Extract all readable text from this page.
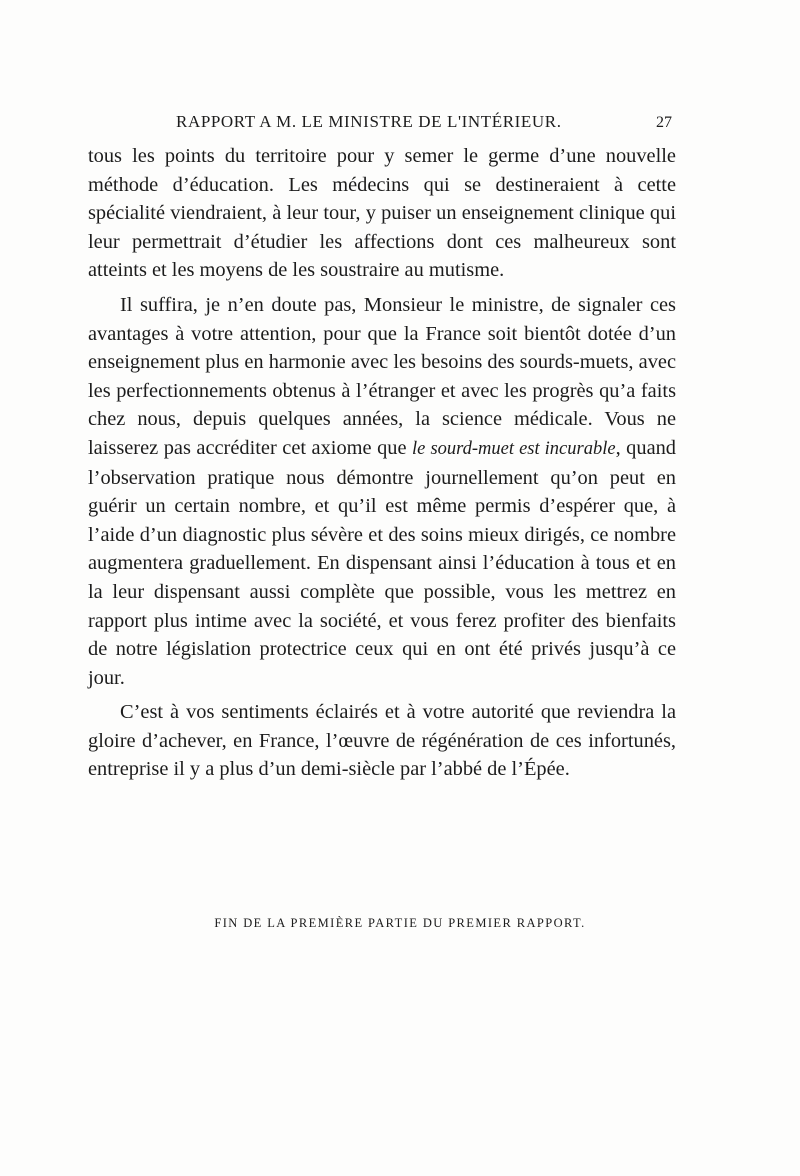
RAPPORT A M. LE MINISTRE DE L'INTÉRIEUR.	27

tous les points du territoire pour y semer le germe d’une nouvelle méthode d’éducation. Les médecins qui se destineraient à cette spécialité viendraient, à leur tour, y puiser un enseignement clinique qui leur permettrait d’étudier les affections dont ces malheureux sont atteints et les moyens de les soustraire au mutisme.

Il suffira, je n’en doute pas, Monsieur le ministre, de signaler ces avantages à votre attention, pour que la France soit bientôt dotée d’un enseignement plus en harmonie avec les besoins des sourds-muets, avec les perfectionnements obtenus à l’étranger et avec les progrès qu’a faits chez nous, depuis quelques années, la science médicale. Vous ne laisserez pas accréditer cet axiome que le sourd-muet est incurable, quand l’observation pratique nous démontre journellement qu’on peut en guérir un certain nombre, et qu’il est même permis d’espérer que, à l’aide d’un diagnostic plus sévère et des soins mieux dirigés, ce nombre augmentera graduellement. En dispensant ainsi l’éducation à tous et en la leur dispensant aussi complète que possible, vous les mettrez en rapport plus intime avec la société, et vous ferez profiter des bienfaits de notre législation protectrice ceux qui en ont été privés jusqu’à ce jour.

C’est à vos sentiments éclairés et à votre autorité que reviendra la gloire d’achever, en France, l’œuvre de régénération de ces infortunés, entreprise il y a plus d’un demi-siècle par l’abbé de l’Épée.

FIN DE LA PREMIÈRE PARTIE DU PREMIER RAPPORT.
